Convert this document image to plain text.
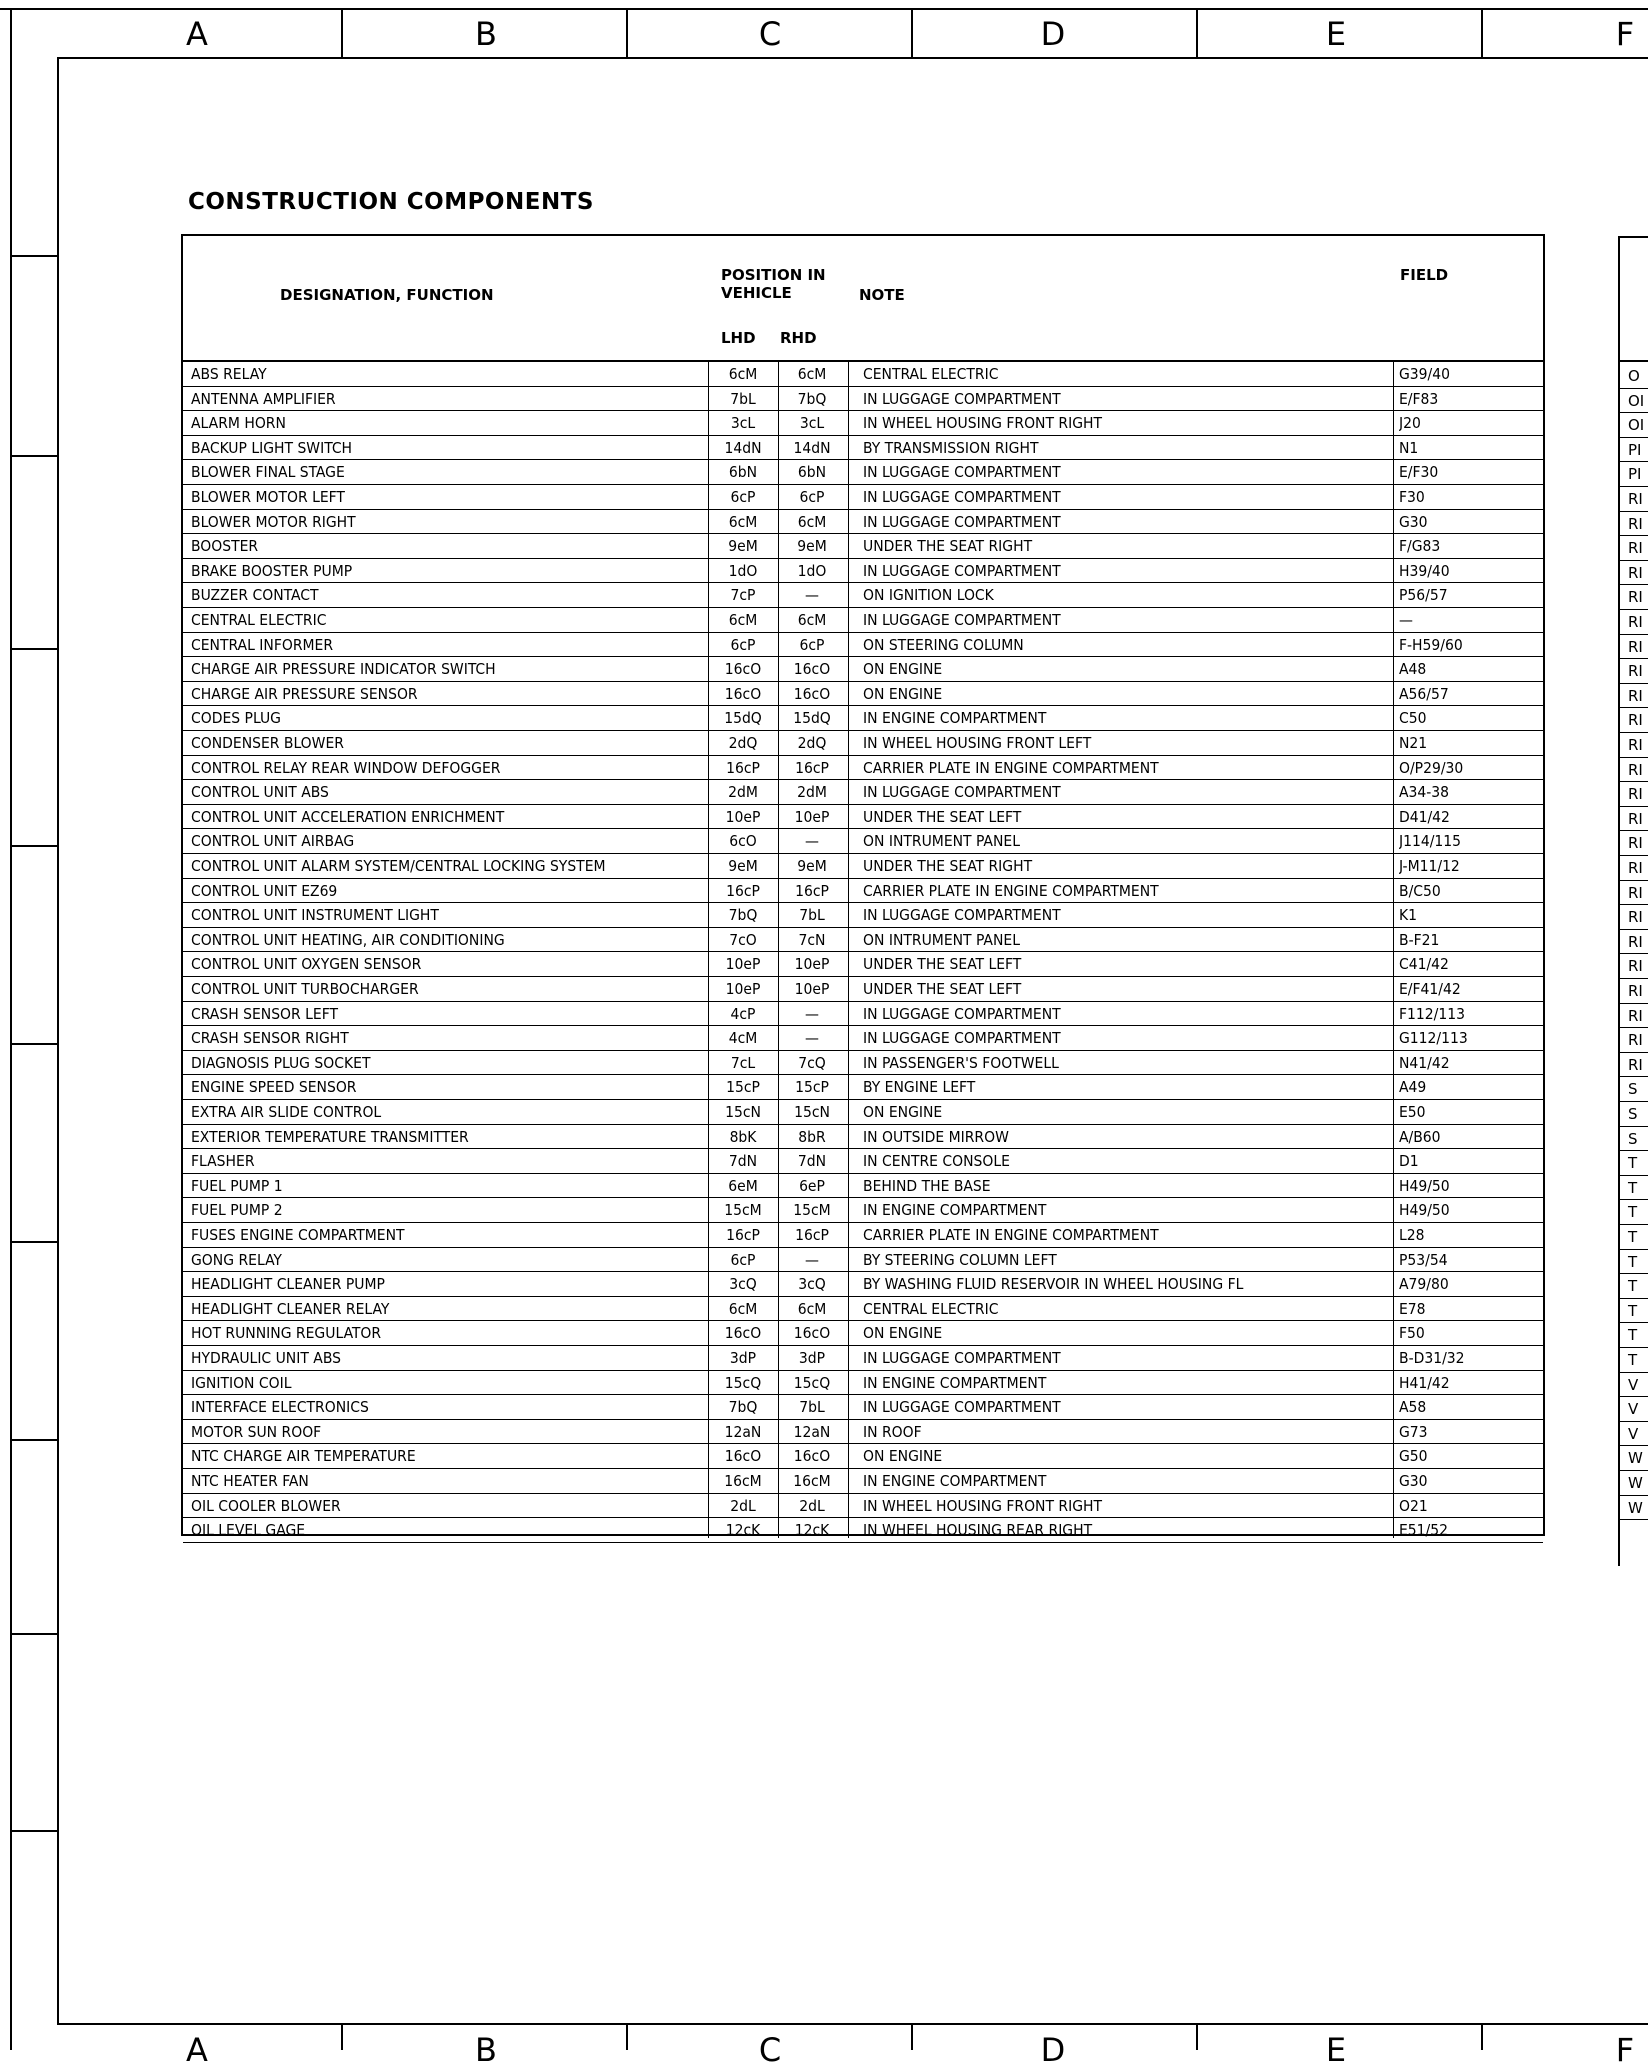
A	B	C	D	E	F
A	B	C	D	E	F
CONSTRUCTION COMPONENTS
DESIGNATION, FUNCTION
POSITION IN VEHICLE	NOTE
FIELD
LHD RHD
ABS RELAY	6cM	6cM	CENTRAL ELECTRIC	G39/40
ANTENNA AMPLIFIER	7bL	7bQ	IN LUGGAGE COMPARTMENT	E/F83
ALARM HORN	3cL	3cL	IN WHEEL HOUSING FRONT RIGHT	J20
BACKUP LIGHT SWITCH	14dN	14dN	BY TRANSMISSION RIGHT	N1
BLOWER FINAL STAGE	6bN	6bN	IN LUGGAGE COMPARTMENT	E/F30
BLOWER MOTOR LEFT	6cP	6cP	IN LUGGAGE COMPARTMENT	F30
BLOWER MOTOR RIGHT	6cM	6cM	IN LUGGAGE COMPARTMENT	G30
BOOSTER	9eM	9eM	UNDER THE SEAT RIGHT	F/G83
BRAKE BOOSTER PUMP	1dO	1dO	IN LUGGAGE COMPARTMENT	H39/40
BUZZER CONTACT	7cP	—	ON IGNITION LOCK	P56/57
CENTRAL ELECTRIC	6cM	6cM	IN LUGGAGE COMPARTMENT	—
CENTRAL INFORMER	6cP	6cP	ON STEERING COLUMN	F-H59/60
CHARGE AIR PRESSURE INDICATOR SWITCH	16cO	16cO	ON ENGINE	A48
CHARGE AIR PRESSURE SENSOR	16cO	16cO	ON ENGINE	A56/57
CODES PLUG	15dQ	15dQ	IN ENGINE COMPARTMENT	C50
CONDENSER BLOWER	2dQ	2dQ	IN WHEEL HOUSING FRONT LEFT	N21
CONTROL RELAY REAR WINDOW DEFOGGER	16cP	16cP	CARRIER PLATE IN ENGINE COMPARTMENT	O/P29/30
CONTROL UNIT ABS	2dM	2dM	IN LUGGAGE COMPARTMENT	A34-38
CONTROL UNIT ACCELERATION ENRICHMENT	10eP	10eP	UNDER THE SEAT LEFT	D41/42
CONTROL UNIT AIRBAG	6cO	—	ON INTRUMENT PANEL	J114/115
CONTROL UNIT ALARM SYSTEM/CENTRAL LOCKING SYSTEM	9eM	9eM	UNDER THE SEAT RIGHT	J-M11/12
CONTROL UNIT EZ69	16cP	16cP	CARRIER PLATE IN ENGINE COMPARTMENT	B/C50
CONTROL UNIT INSTRUMENT LIGHT	7bQ	7bL	IN LUGGAGE COMPARTMENT	K1
CONTROL UNIT HEATING, AIR CONDITIONING	7cO	7cN	ON INTRUMENT PANEL	B-F21
CONTROL UNIT OXYGEN SENSOR	10eP	10eP	UNDER THE SEAT LEFT	C41/42
CONTROL UNIT TURBOCHARGER	10eP	10eP	UNDER THE SEAT LEFT	E/F41/42
CRASH SENSOR LEFT	4cP	—	IN LUGGAGE COMPARTMENT	F112/113
CRASH SENSOR RIGHT	4cM	—	IN LUGGAGE COMPARTMENT	G112/113
DIAGNOSIS PLUG SOCKET	7cL	7cQ	IN PASSENGER'S FOOTWELL	N41/42
ENGINE SPEED SENSOR	15cP	15cP	BY ENGINE LEFT	A49
EXTRA AIR SLIDE CONTROL	15cN	15cN	ON ENGINE	E50
EXTERIOR TEMPERATURE TRANSMITTER	8bK	8bR	IN OUTSIDE MIRROW	A/B60
FLASHER	7dN	7dN	IN CENTRE CONSOLE	D1
FUEL PUMP 1	6eM	6eP	BEHIND THE BASE	H49/50
FUEL PUMP 2	15cM	15cM	IN ENGINE COMPARTMENT	H49/50
FUSES ENGINE COMPARTMENT	16cP	16cP	CARRIER PLATE IN ENGINE COMPARTMENT	L28
GONG RELAY	6cP	—	BY STEERING COLUMN LEFT	P53/54
HEADLIGHT CLEANER PUMP	3cQ	3cQ	BY WASHING FLUID RESERVOIR IN WHEEL HOUSING FL	A79/80
HEADLIGHT CLEANER RELAY	6cM	6cM	CENTRAL ELECTRIC	E78
HOT RUNNING REGULATOR	16cO	16cO	ON ENGINE	F50
HYDRAULIC UNIT ABS	3dP	3dP	IN LUGGAGE COMPARTMENT	B-D31/32
IGNITION COIL	15cQ	15cQ	IN ENGINE COMPARTMENT	H41/42
INTERFACE ELECTRONICS	7bQ	7bL	IN LUGGAGE COMPARTMENT	A58
MOTOR SUN ROOF	12aN	12aN	IN ROOF	G73
NTC CHARGE AIR TEMPERATURE	16cO	16cO	ON ENGINE	G50
NTC HEATER FAN	16cM	16cM	IN ENGINE COMPARTMENT	G30
OIL COOLER BLOWER	2dL	2dL	IN WHEEL HOUSING FRONT RIGHT	O21
OIL LEVEL GAGE	12cK	12cK	IN WHEEL HOUSING REAR RIGHT	E51/52
O
OI
OI
PI
PI
RI
RI
RI
RI
RI
RI
RI
RI
RI
RI
RI
RI
RI
RI
RI
RI
RI
RI
RI
RI
RI
RI
RI
RI
S
S
S
T
T
T
T
T
T
T
T
T
V
V
V
W
W
W
